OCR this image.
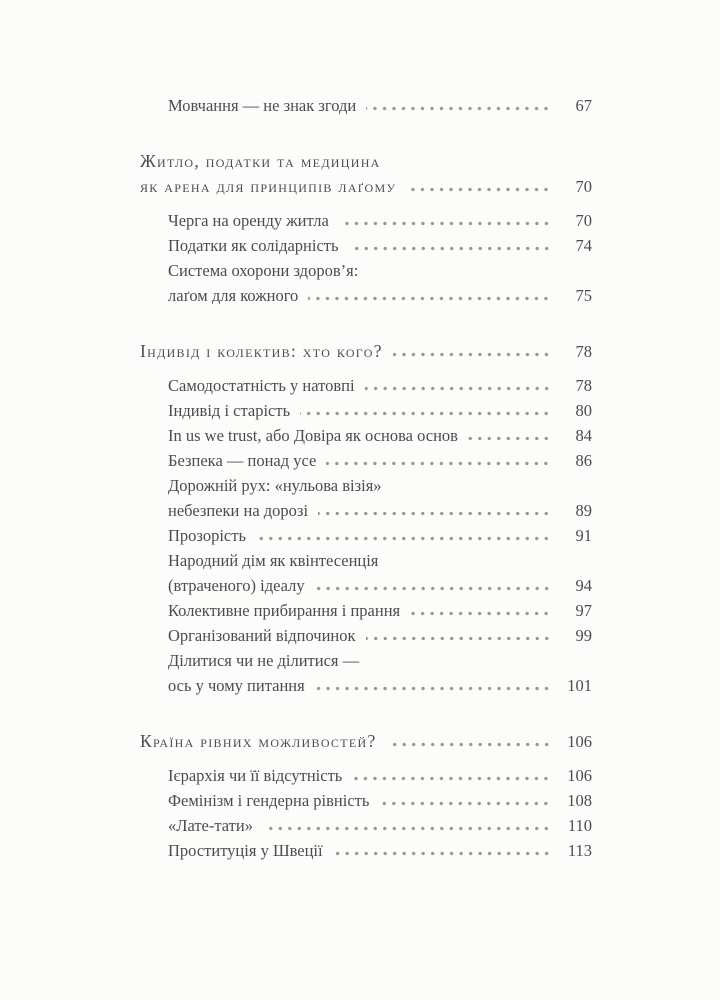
Мовчання — не знак згоди	67
Житло, податки та медицина
як арена для принципів лаґому	70
Черга на оренду житла	70
Податки як солідарність	74
Система охорони здоров’я:
лаґом для кожного	75
Індивід і колектив: хто кого?	78
Самодостатність у натовпі	78
Індивід і старість	80
In us we trust, або Довіра як основа основ	84
Безпека — понад усе	86
Дорожній рух: «нульова візія»
небезпеки на дорозі	89
Прозорість	91
Народний дім як квінтесенція
(втраченого) ідеалу	94
Колективне прибирання і прання	97
Організований відпочинок	99
Ділитися чи не ділитися —
ось у чому питання	101
Країна рівних можливостей?	106
Ієрархія чи її відсутність	106
Фемінізм і гендерна рівність	108
«Лате-тати»	110
Проституція у Швеції	113
